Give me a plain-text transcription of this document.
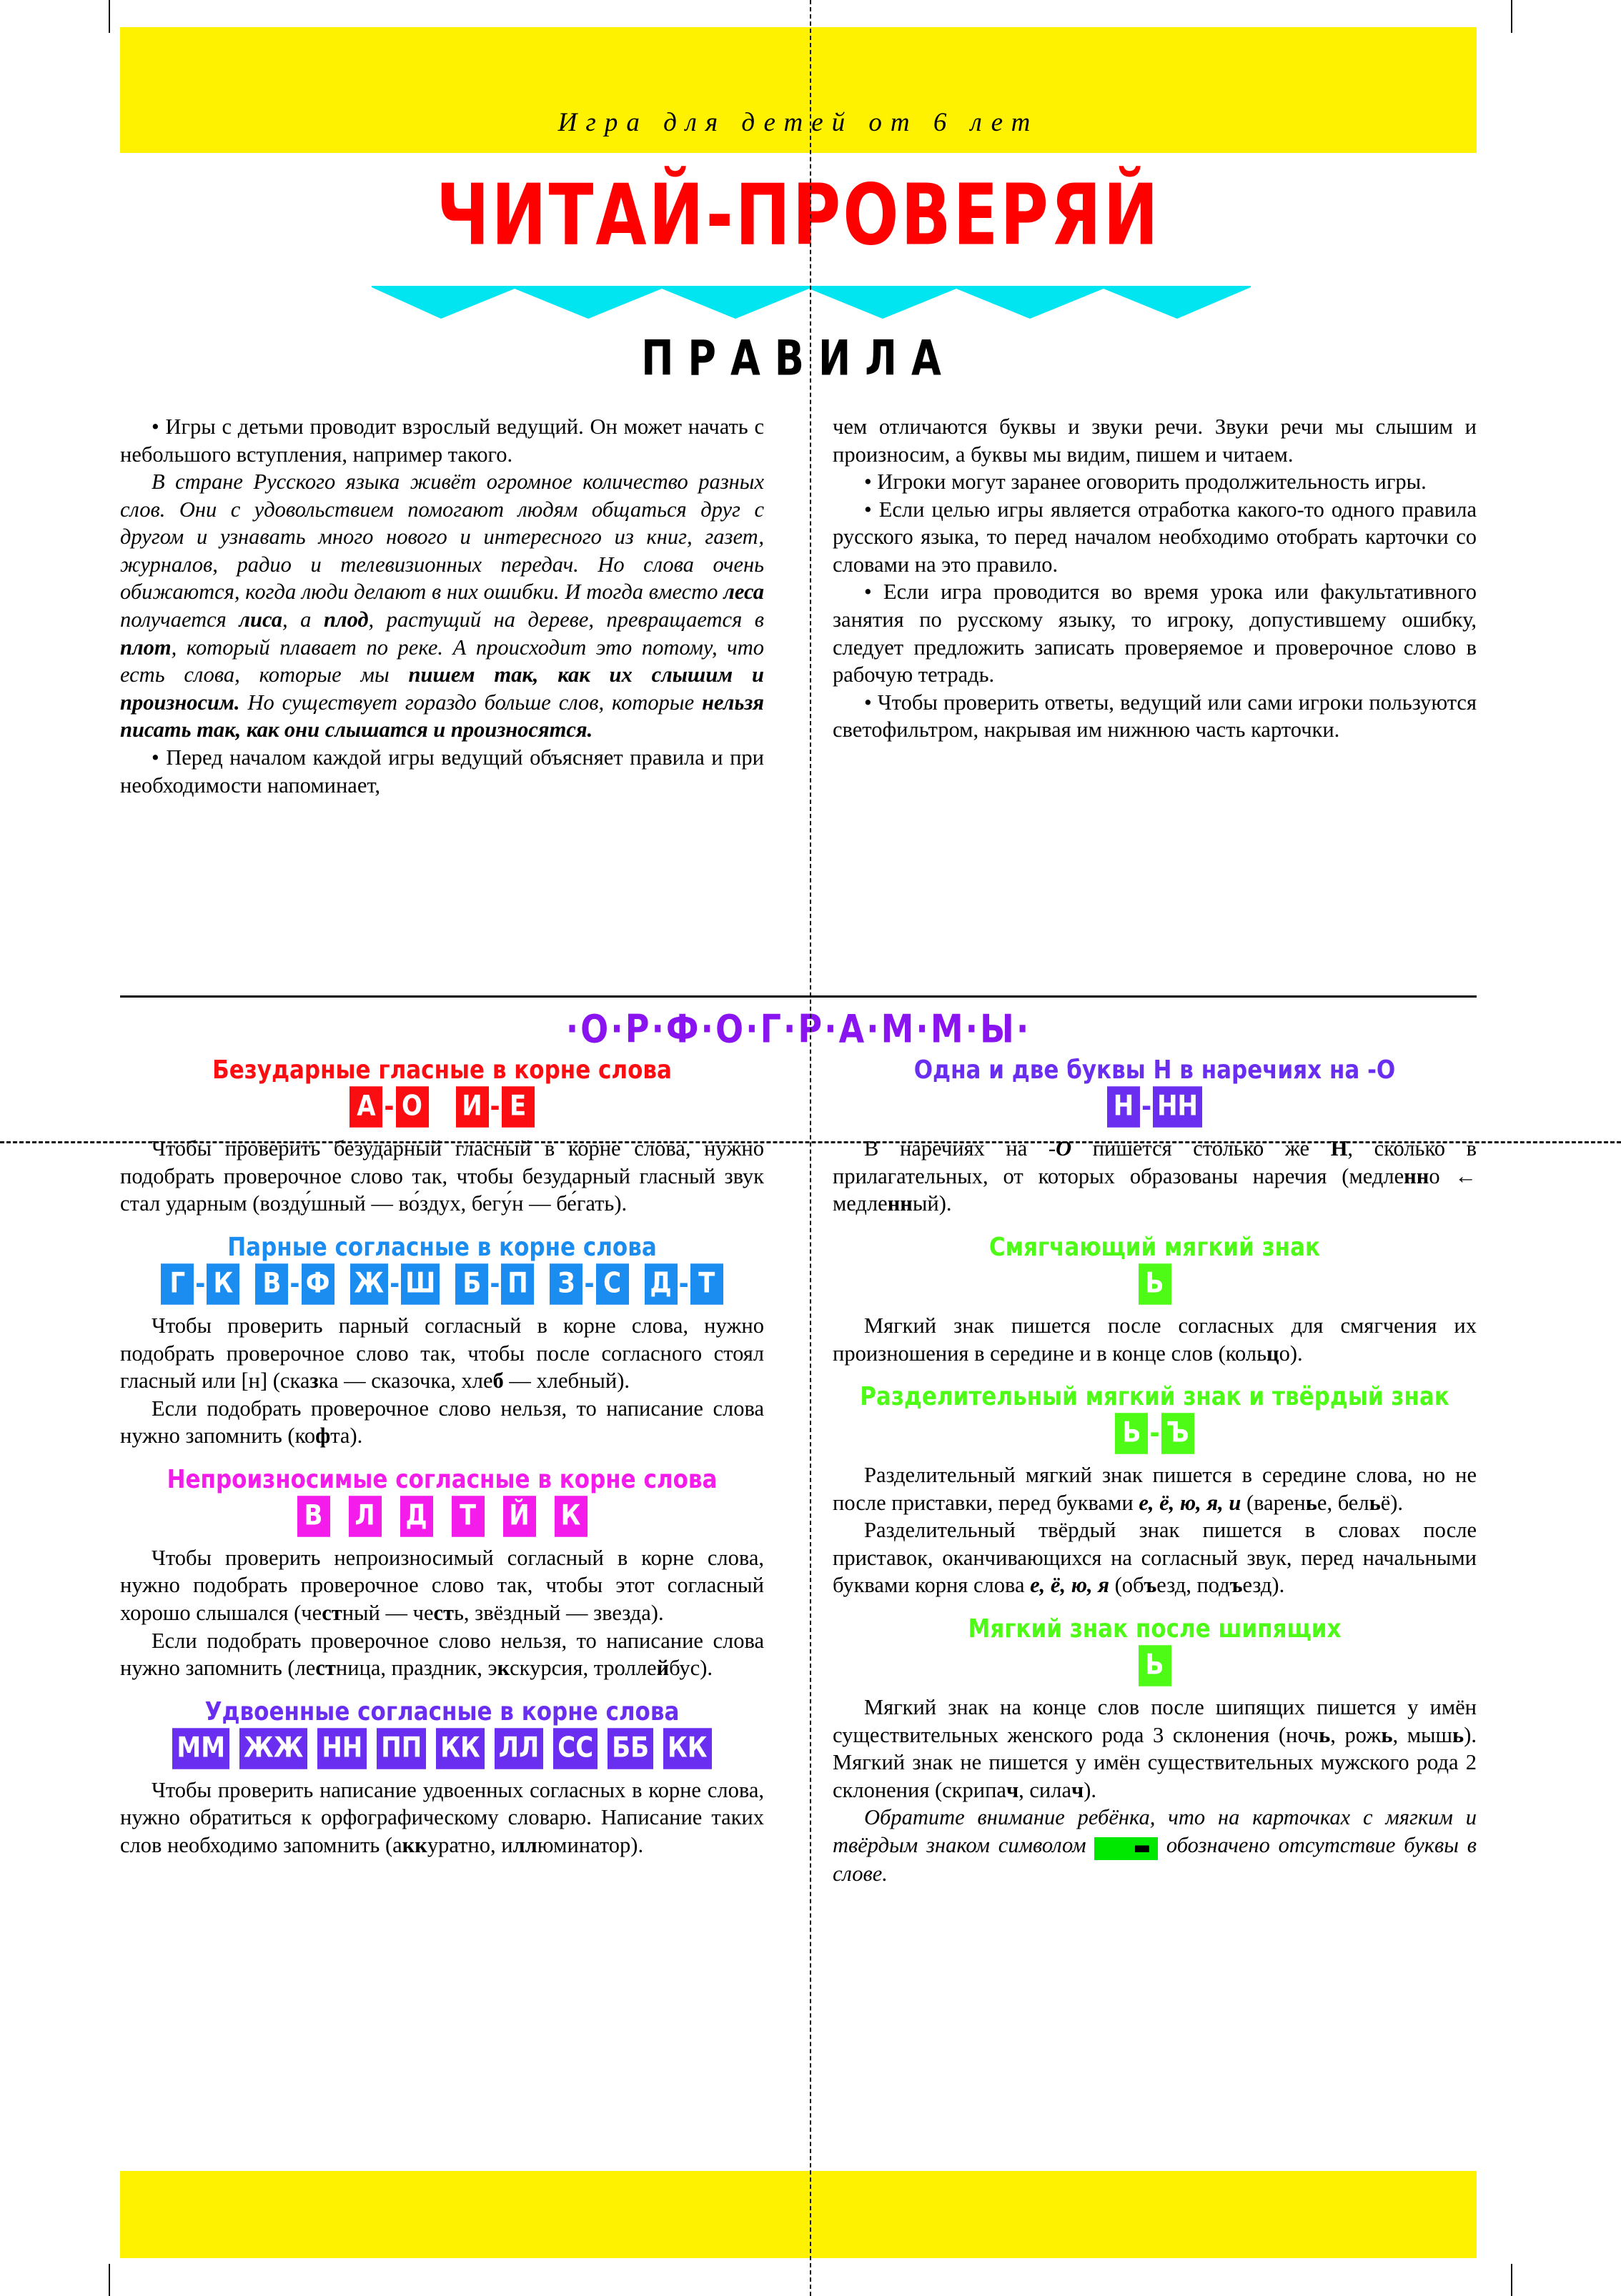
Игра для детей от 6 лет
ЧИТАЙ-ПРОВЕРЯЙ
ПРАВИЛА

• Игры с детьми проводит взрослый ведущий. Он может начать с небольшого вступления, например такого.

В стране Русского языка живёт огромное количество разных слов. Они с удовольствием помогают людям общаться друг с другом и узнавать много нового и интересного из книг, газет, журналов, радио и телевизионных передач. Но слова очень обижаются, когда люди делают в них ошибки. И тогда вместо леса получается лиса, а плод, растущий на дереве, превращается в плот, который плавает по реке. А происходит это потому, что есть слова, которые мы пишем так, как их слышим и произносим. Но существует гораздо больше слов, которые нельзя писать так, как они слышатся и произносятся.

• Перед началом каждой игры ведущий объясняет правила и при необходимости напоминает,

чем отличаются буквы и звуки речи. Звуки речи мы слышим и произносим, а буквы мы видим, пишем и читаем.

• Игроки могут заранее оговорить продолжительность игры.

• Если целью игры является отработка какого-то одного правила русского языка, то перед началом необходимо отобрать карточки со словами на это правило.

• Если игра проводится во время урока или факультативного занятия по русскому языку, то игроку, допустившему ошибку, следует предложить записать проверяемое и проверочное слово в рабочую тетрадь.

• Чтобы проверить ответы, ведущий или сами игроки пользуются светофильтром, накрывая им нижнюю часть карточки.

·О·Р·Ф·О·Г·Р·А·М·М·Ы·
Безударные гласные в корне слова
А - О И - Е

Чтобы проверить безударный гласный в корне слова, нужно подобрать проверочное слово так, чтобы безударный гласный звук стал ударным (возду́шный — во́здух, бегу́н — бе́гать).

Парные согласные в корне слова
Г - К В - Ф Ж - Ш Б - П	З - С	Д - Т

Чтобы проверить парный согласный в корне слова, нужно подобрать проверочное слово так, чтобы после согласного стоял гласный или [н] (сказка — сказочка, хлеб — хлебный).

Если подобрать проверочное слово нельзя, то написание слова нужно запомнить (кофта).

Непроизносимые согласные в корне слова
В Л Д	Т	Й К

Чтобы проверить непроизносимый согласный в корне слова, нужно подобрать проверочное слово так, чтобы этот согласный хорошо слышался (честный — честь, звёздный — звезда).

Если подобрать проверочное слово нельзя, то написание слова нужно запомнить (лестница, праздник, экскурсия, троллейбус).

Удвоенные согласные в корне слова
ММ ЖЖ НН ПП КК ЛЛ СС ББ КК

Чтобы проверить написание удвоенных согласных в корне слова, нужно обратиться к орфографическому словарю. Написание таких слов необходимо запомнить (аккуратно, иллюминатор).

Одна и две буквы Н в наречиях на -О
Н - НН

В наречиях на -О пишется столько же Н, сколько в прилагательных, от которых образованы наречия (медленно ← медленный).

Смягчающий мягкий знак
Ь

Мягкий знак пишется после согласных для смягчения их произношения в середине и в конце слов (кольцо).

Разделительный мягкий знак и твёрдый знак
Ь - Ъ

Разделительный мягкий знак пишется в середине слова, но не после приставки, перед буквами е, ё, ю, я, и (варенье, бельё).

Разделительный твёрдый знак пишется в словах после приставок, оканчивающихся на согласный звук, перед начальными буквами корня слова е, ё, ю, я (объезд, подъезд).

Мягкий знак после шипящих
Ь

Мягкий знак на конце слов после шипящих пишется у имён существительных женского рода 3 склонения (ночь, рожь, мышь). Мягкий знак не пишется у имён существительных мужского рода 2 склонения (скрипач, силач).

Обратите внимание ребёнка, что на карточках с мягким и твёрдым знаком символом ▬ обозначено отсутствие буквы в слове.
